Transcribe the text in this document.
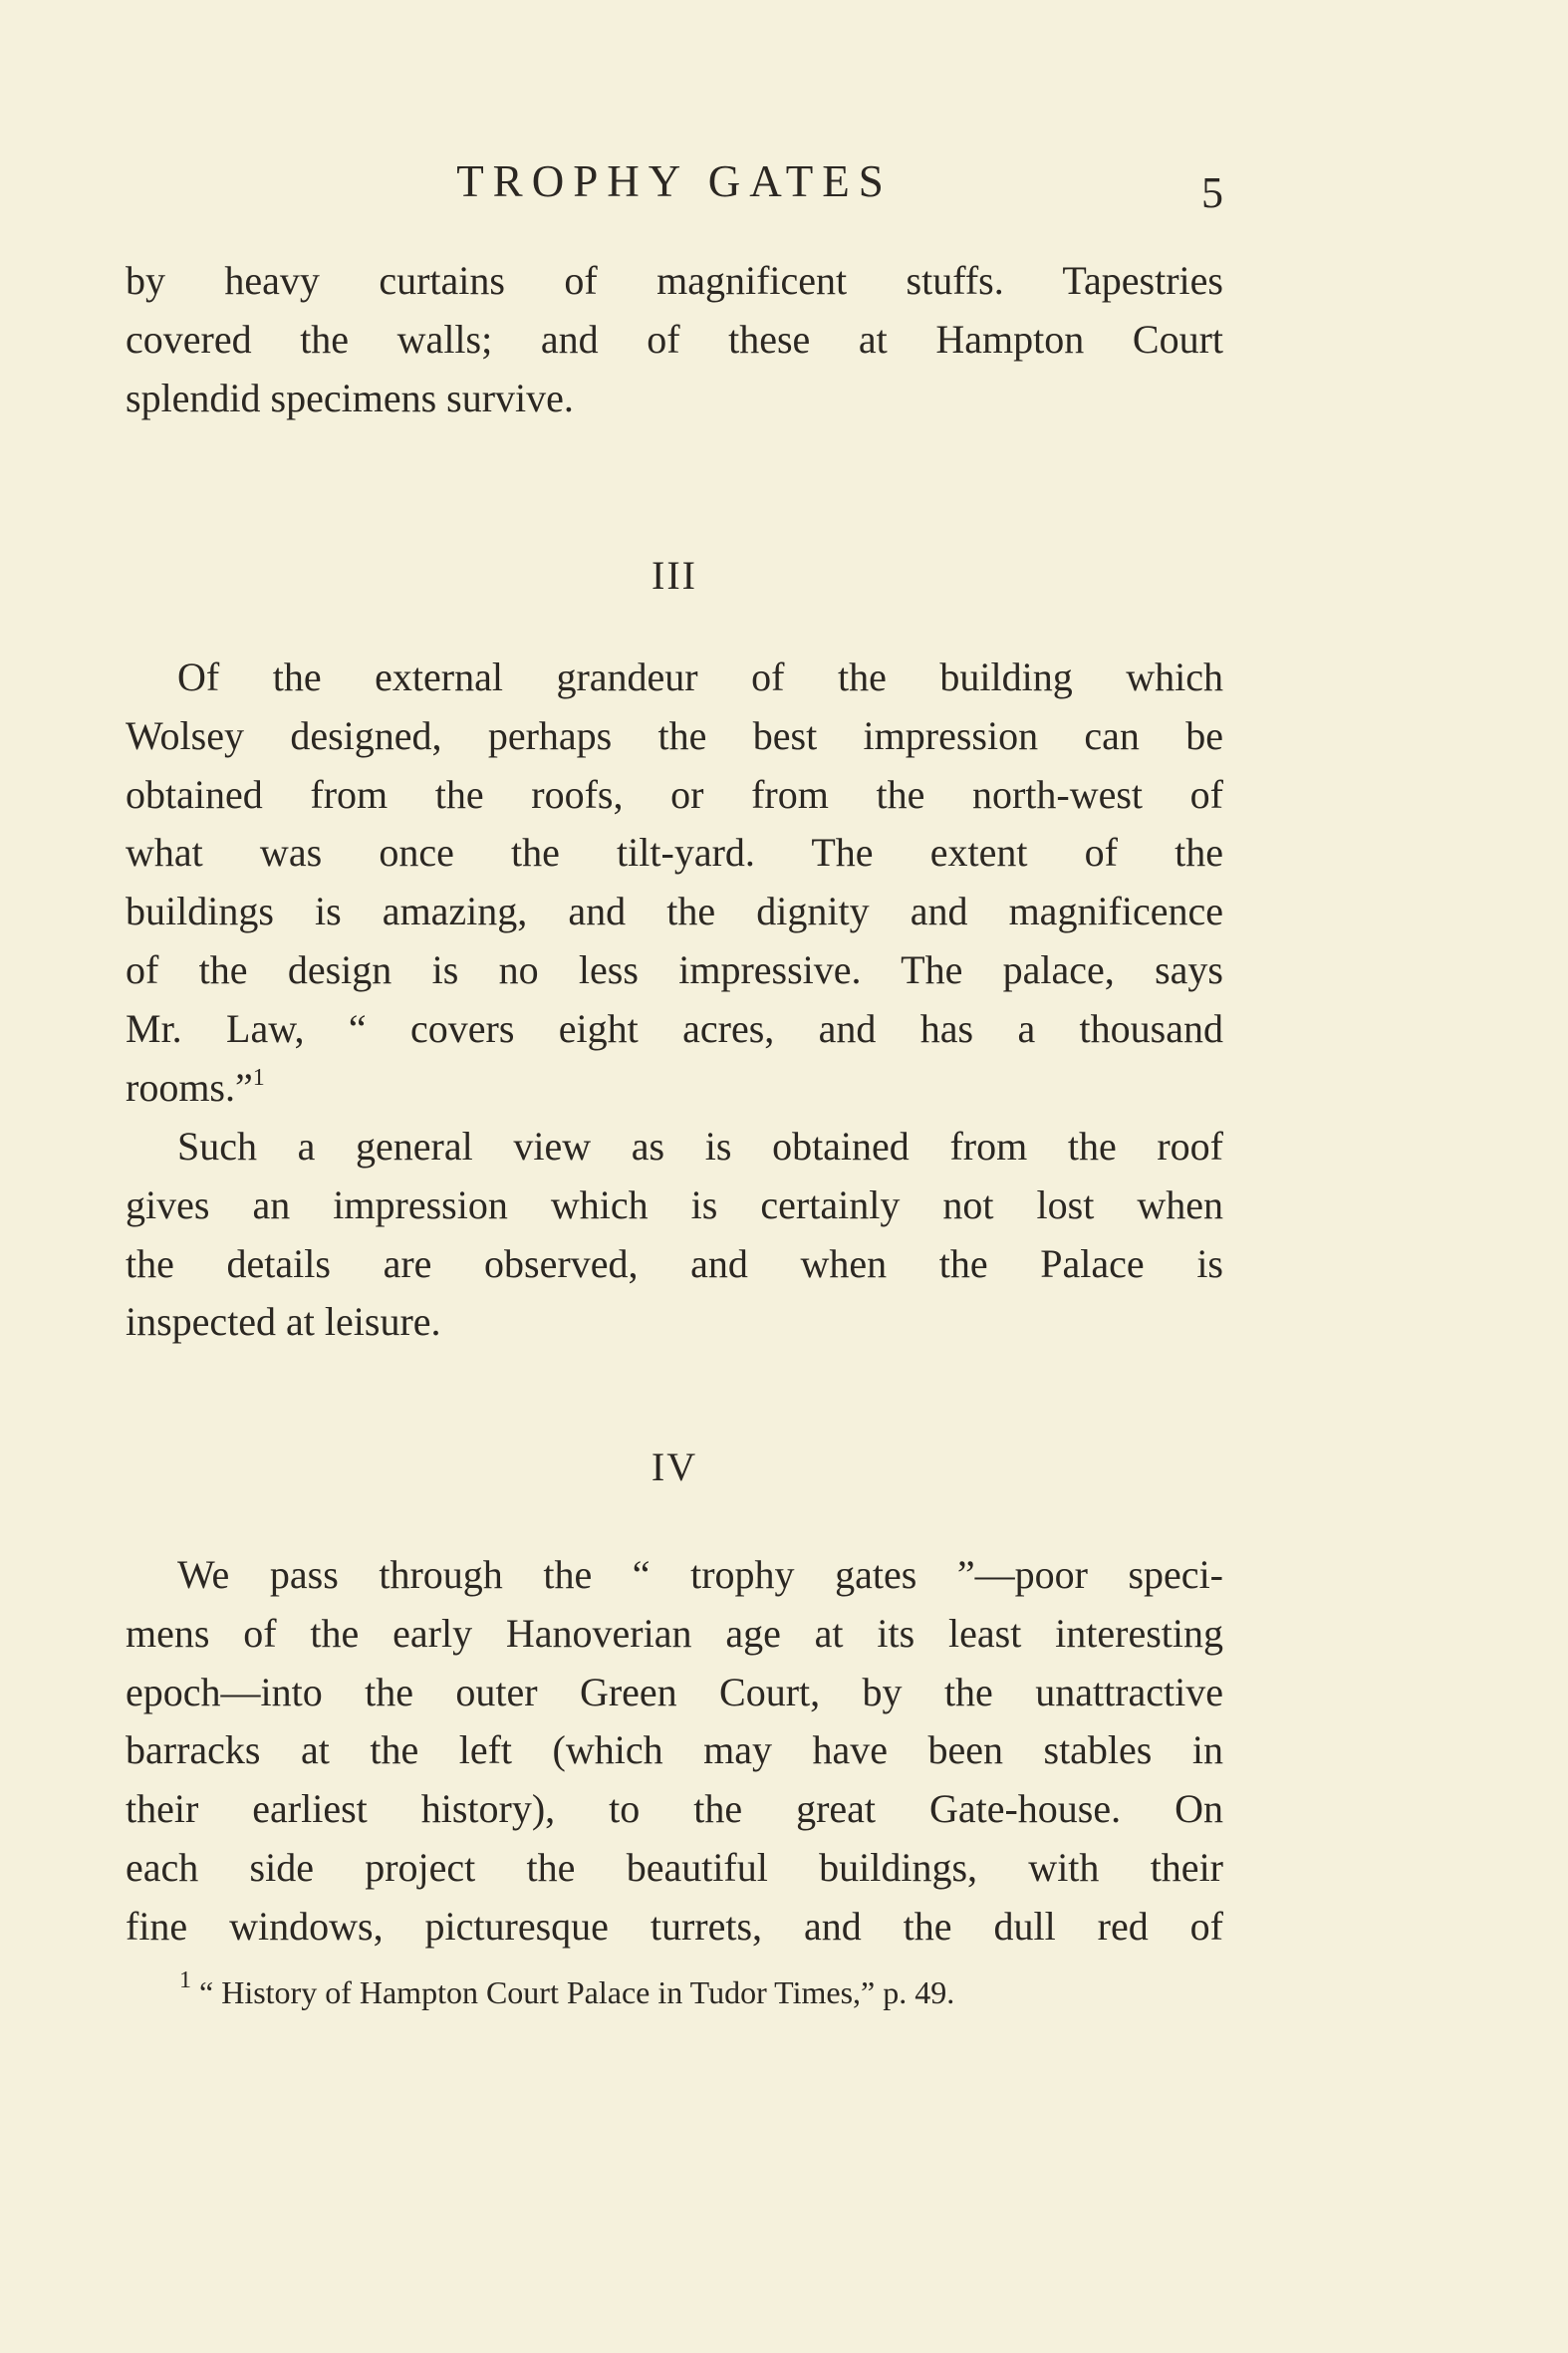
TROPHY GATES	5
by heavy curtains of magnificent stuffs. Tapestries
covered the walls; and of these at Hampton Court
splendid specimens survive.
III
Of the external grandeur of the building which
Wolsey designed, perhaps the best impression can be
obtained from the roofs, or from the north-west of
what was once the tilt-yard. The extent of the
buildings is amazing, and the dignity and magnificence
of the design is no less impressive. The palace, says
Mr. Law, “ covers eight acres, and has a thousand
rooms.”$^1$
Such a general view as is obtained from the roof
gives an impression which is certainly not lost when
the details are observed, and when the Palace is
inspected at leisure.
IV
We pass through the “ trophy gates ”—poor speci-
mens of the early Hanoverian age at its least interesting
epoch—into the outer Green Court, by the unattractive
barracks at the left (which may have been stables in
their earliest history), to the great Gate-house. On
each side project the beautiful buildings, with their
fine windows, picturesque turrets, and the dull red of
$^1$ “ History of Hampton Court Palace in Tudor Times,” p. 49.
